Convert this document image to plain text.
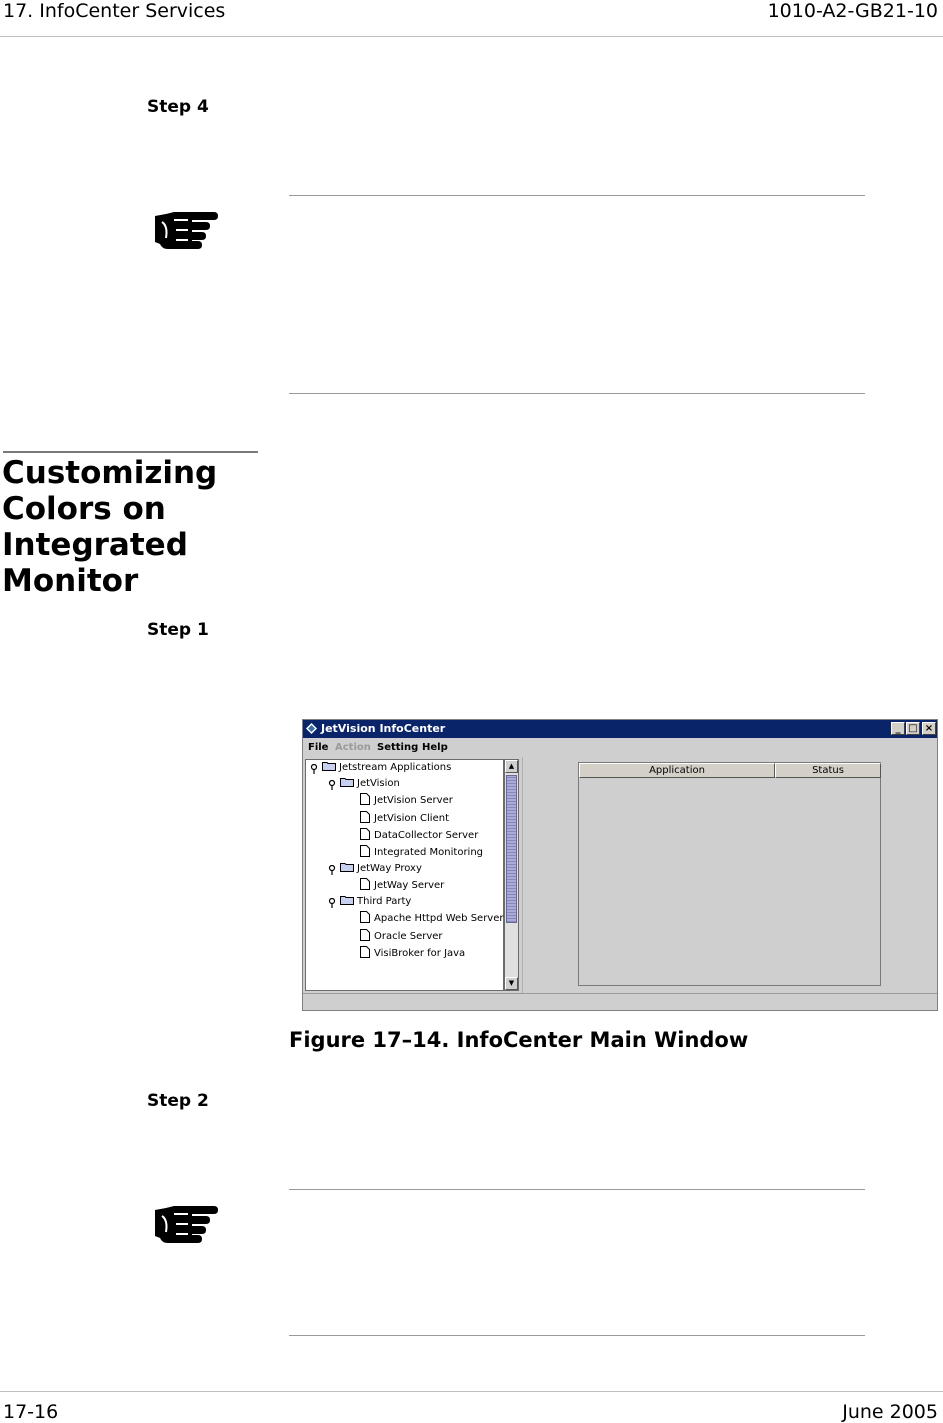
17. InfoCenter Services	1010-A2-GB21-10
Step 4
Customizing
Colors on
Integrated
Monitor
Step 1
JetVision InfoCenter	_ □ ×
File Action Setting Help
Jetstream Applications
JetVision
JetVision Server
JetVision Client
DataCollector Server
Integrated Monitoring
JetWay Proxy
JetWay Server
Third Party
Apache Httpd Web Server
Oracle Server
VisiBroker for Java
▲
▼
Application	Status
Figure 17–14. InfoCenter Main Window
Step 2
17-16	June 2005
